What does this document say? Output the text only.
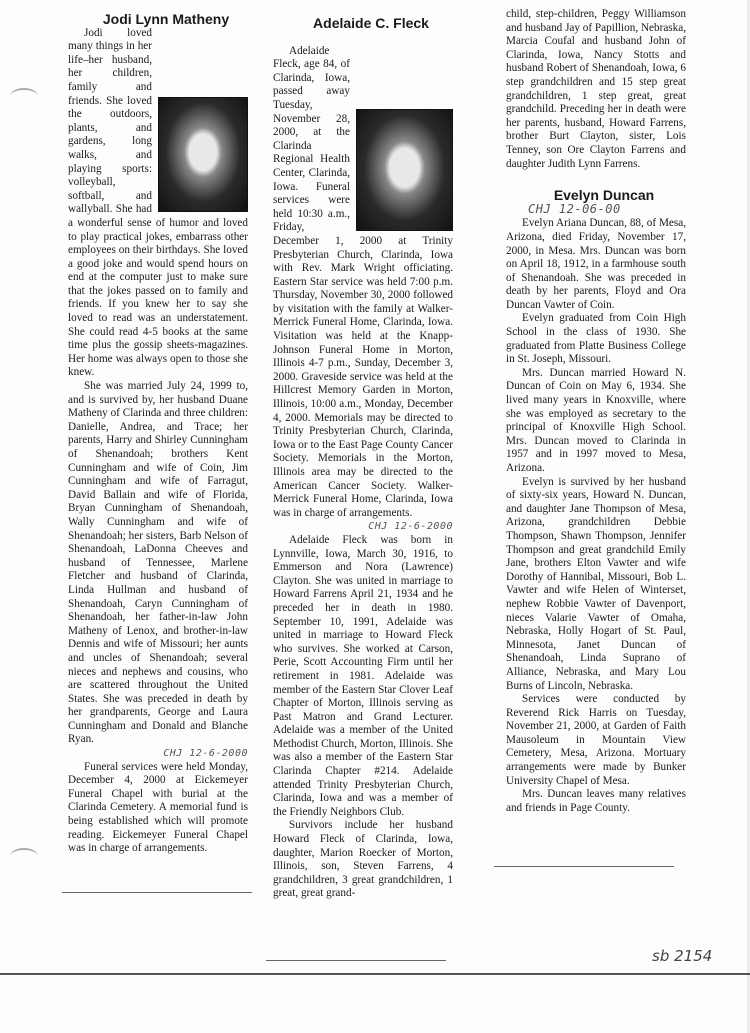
Jodi Lynn Matheny

Jodi loved many things in her life–her husband, her children, family and friends. She loved the outdoors, plants, and gardens, long walks, and playing sports: volleyball, softball, and wallyball. She had a wonderful sense of humor and loved to play practical jokes, embarrass other employees on their birthdays. She loved a good joke and would spend hours on end at the computer just to make sure that the jokes passed on to family and friends. If you knew her to say she loved to read was an understatement. She could read 4-5 books at the same time plus the gossip sheets-magazines. Her home was always open to those she knew.

She was married July 24, 1999 to, and is survived by, her husband Duane Matheny of Clarinda and three children: Danielle, Andrea, and Trace; her parents, Harry and Shirley Cunningham of Shenandoah; brothers Kent Cunningham and wife of Coin, Jim Cunningham and wife of Farragut, David Ballain and wife of Florida, Bryan Cunningham of Shenandoah, Wally Cunningham and wife of Shenandoah; her sisters, Barb Nelson of Shenandoah, LaDonna Cheeves and husband of Tennessee, Marlene Fletcher and husband of Clarinda, Linda Hullman and husband of Shenandoah, Caryn Cunningham of Shenandoah, her father-in-law John Matheny of Lenox, and brother-in-law Dennis and wife of Missouri; her aunts and uncles of Shenandoah; several nieces and nephews and cousins, who are scattered throughout the United States. She was preceded in death by her grandparents, George and Laura Cunningham and Donald and Blanche Ryan.

CHJ 12-6-2000

Funeral services were held Monday, December 4, 2000 at Eickemeyer Funeral Chapel with burial at the Clarinda Cemetery. A memorial fund is being established which will promote reading. Eickemeyer Funeral Chapel was in charge of arrangements.

Adelaide C. Fleck

Adelaide Fleck, age 84, of Clarinda, Iowa, passed away Tuesday, November 28, 2000, at the Clarinda Regional Health Center, Clarinda, Iowa. Funeral services were held 10:30 a.m., Friday, December 1, 2000 at Trinity Presbyterian Church, Clarinda, Iowa with Rev. Mark Wright officiating. Eastern Star service was held 7:00 p.m. Thursday, November 30, 2000 followed by visitation with the family at Walker-Merrick Funeral Home, Clarinda, Iowa. Visitation was held at the Knapp-Johnson Funeral Home in Morton, Illinois 4-7 p.m., Sunday, December 3, 2000. Graveside service was held at the Hillcrest Memory Garden in Morton, Illinois, 10:00 a.m., Monday, December 4, 2000. Memorials may be directed to Trinity Presbyterian Church, Clarinda, Iowa or to the East Page County Cancer Society. Memorials in the Morton, Illinois area may be directed to the American Cancer Society. Walker-Merrick Funeral Home, Clarinda, Iowa was in charge of arrangements.

CHJ 12-6-2000

Adelaide Fleck was born in Lynnville, Iowa, March 30, 1916, to Emmerson and Nora (Lawrence) Clayton. She was united in marriage to Howard Farrens April 21, 1934 and he preceded her in death in 1980. September 10, 1991, Adelaide was united in marriage to Howard Fleck who survives. She worked at Carson, Perie, Scott Accounting Firm until her retirement in 1981. Adelaide was member of the Eastern Star Clover Leaf Chapter of Morton, Illinois serving as Past Matron and Grand Lecturer. Adelaide was a member of the United Methodist Church, Morton, Illinois. She was also a member of the Eastern Star Clarinda Chapter #214. Adelaide attended Trinity Presbyterian Church, Clarinda, Iowa and was a member of the Friendly Neighbors Club.

Survivors include her husband Howard Fleck of Clarinda, Iowa, daughter, Marion Roecker of Morton, Illinois, son, Steven Farrens, 4 grandchildren, 3 great grandchildren, 1 great, great grand-

child, step-children, Peggy Williamson and husband Jay of Papillion, Nebraska, Marcia Coufal and husband John of Clarinda, Iowa, Nancy Stotts and husband Robert of Shenandoah, Iowa, 6 step grandchildren and 15 step great grandchildren, 1 step great, great grandchild. Preceding her in death were her parents, husband, Howard Farrens, brother Burt Clayton, sister, Lois Tenney, son Ore Clayton Farrens and daughter Judith Lynn Farrens.

Evelyn Duncan

CHJ 12-06-00

Evelyn Ariana Duncan, 88, of Mesa, Arizona, died Friday, November 17, 2000, in Mesa. Mrs. Duncan was born on April 18, 1912, in a farmhouse south of Shenandoah. She was preceded in death by her parents, Floyd and Ora Duncan Vawter of Coin.

Evelyn graduated from Coin High School in the class of 1930. She graduated from Platte Business College in St. Joseph, Missouri.

Mrs. Duncan married Howard N. Duncan of Coin on May 6, 1934. She lived many years in Knoxville, where she was employed as secretary to the principal of Knoxville High School. Mrs. Duncan moved to Clarinda in 1957 and in 1997 moved to Mesa, Arizona.

Evelyn is survived by her husband of sixty-six years, Howard N. Duncan, and daughter Jane Thompson of Mesa, Arizona, grandchildren Debbie Thompson, Shawn Thompson, Jennifer Thompson and great grandchild Emily Jane, brothers Elton Vawter and wife Dorothy of Hannibal, Missouri, Bob L. Vawter and wife Helen of Winterset, nephew Robbie Vawter of Davenport, nieces Valarie Vawter of Omaha, Nebraska, Holly Hogart of St. Paul, Minnesota, Janet Duncan of Shenandoah, Linda Suprano of Alliance, Nebraska, and Mary Lou Burns of Lincoln, Nebraska.

Services were conducted by Reverend Rick Harris on Tuesday, November 21, 2000, at Garden of Faith Mausoleum in Mountain View Cemetery, Mesa, Arizona. Mortuary arrangements were made by Bunker University Chapel of Mesa.

Mrs. Duncan leaves many relatives and friends in Page County.

sb 2154
